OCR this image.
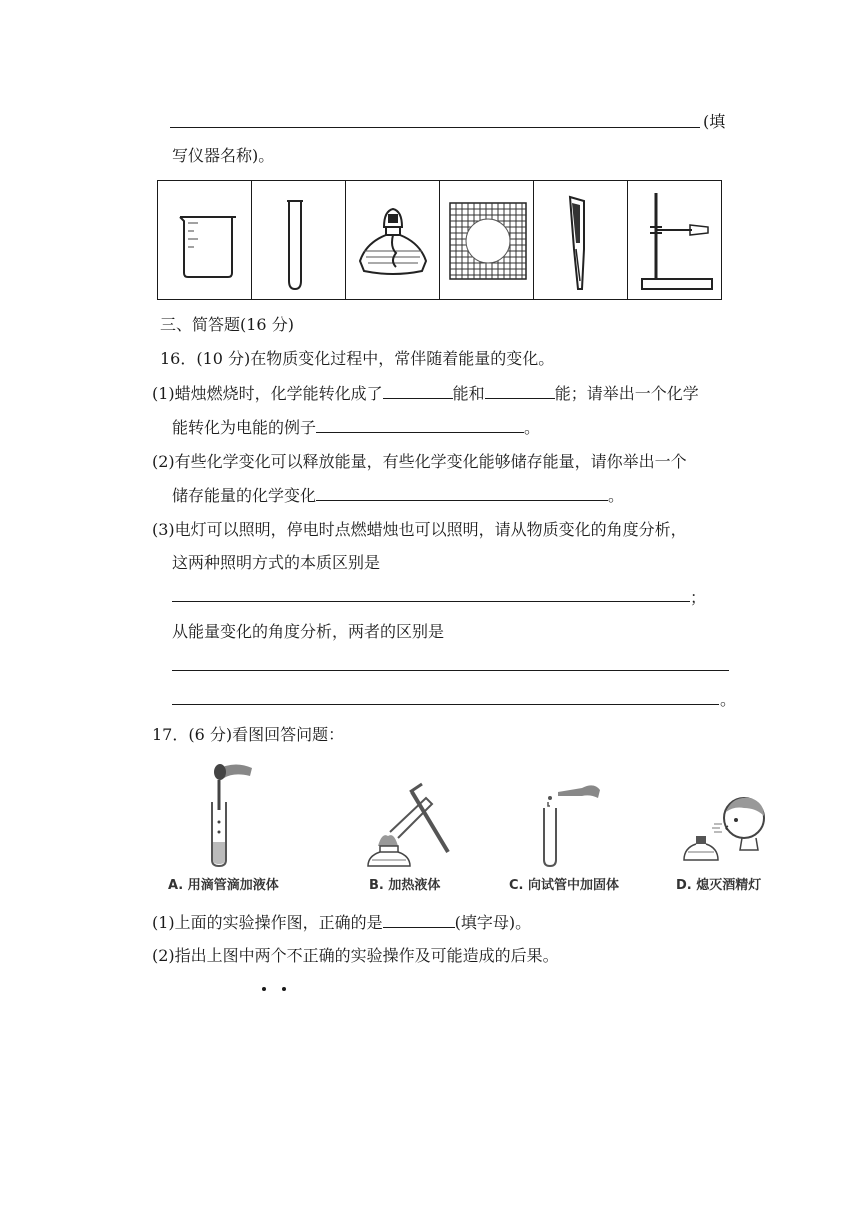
(填
写仪器名称)。
三、简答题(16 分)
16．(10 分)在物质变化过程中，常伴随着能量的变化。
(1)蜡烛燃烧时，化学能转化成了	能和	能；请举出一个化学
能转化为电能的例子	。
(2)有些化学变化可以释放能量，有些化学变化能够储存能量，请你举出一个
储存能量的化学变化	。
(3)电灯可以照明，停电时点燃蜡烛也可以照明，请从物质变化的角度分析，
这两种照明方式的本质区别是
；
从能量变化的角度分析，两者的区别是
。
17．(6 分)看图回答问题：
A. 用滴管滴加液体	B. 加热液体	C. 向试管中加固体	D. 熄灭酒精灯
(1)上面的实验操作图，正确的是	(填字母)。
(2)指出上图中两个不正确的实验操作及可能造成的后果。
